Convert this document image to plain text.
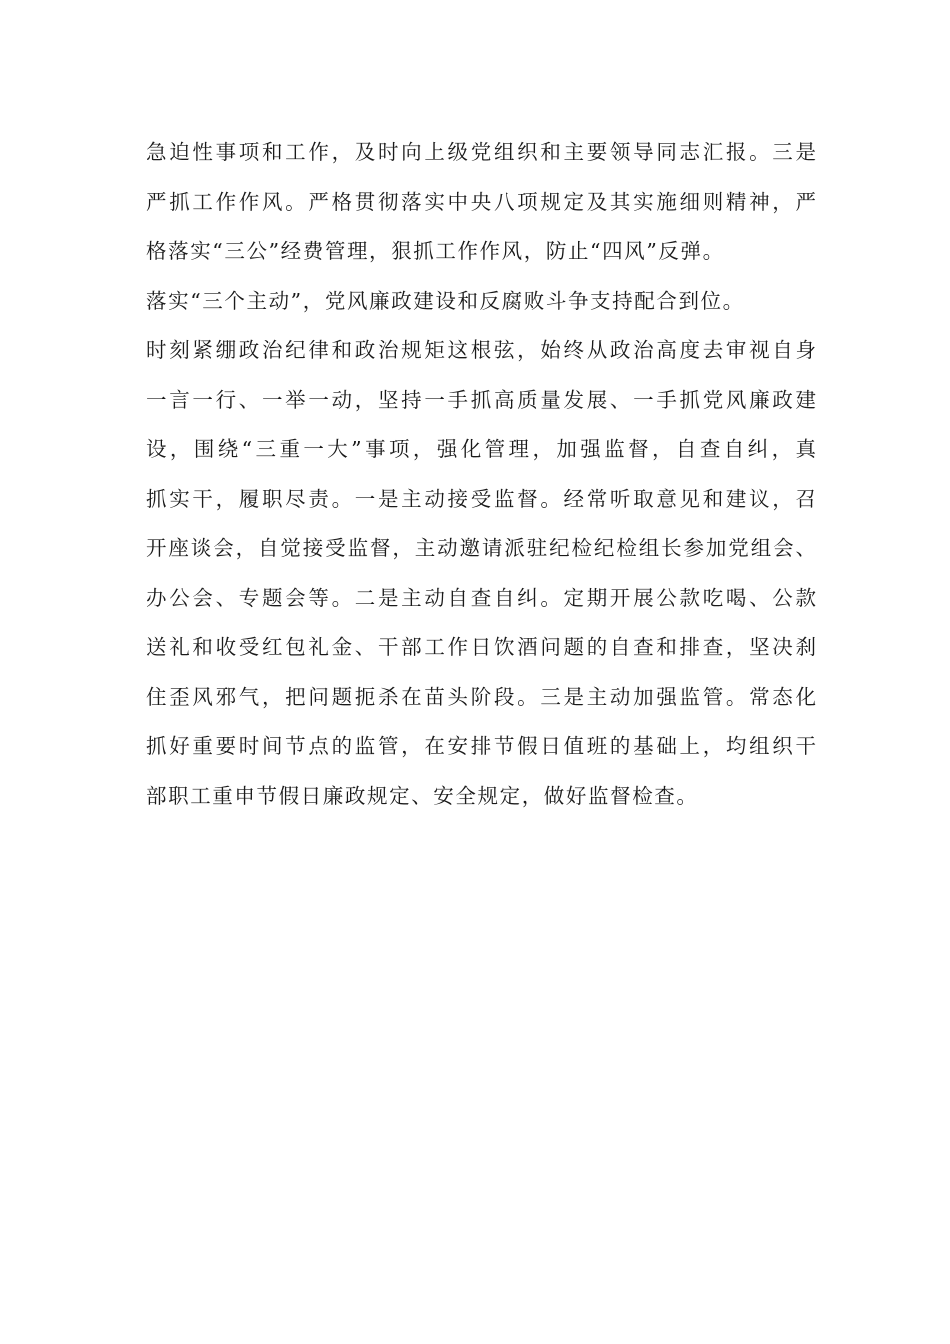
急迫性事项和工作，及时向上级党组织和主要领导同志汇报。三是
严抓工作作风。严格贯彻落实中央八项规定及其实施细则精神，严
格落实“三公”经费管理，狠抓工作作风，防止“四风”反弹。
落实“三个主动”，党风廉政建设和反腐败斗争支持配合到位。
时刻紧绷政治纪律和政治规矩这根弦，始终从政治高度去审视自身
一言一行、一举一动，坚持一手抓高质量发展、一手抓党风廉政建
设，围绕“三重一大”事项，强化管理，加强监督，自查自纠，真
抓实干，履职尽责。一是主动接受监督。经常听取意见和建议，召
开座谈会，自觉接受监督，主动邀请派驻纪检纪检组长参加党组会、
办公会、专题会等。二是主动自查自纠。定期开展公款吃喝、公款
送礼和收受红包礼金、干部工作日饮酒问题的自查和排查，坚决刹
住歪风邪气，把问题扼杀在苗头阶段。三是主动加强监管。常态化
抓好重要时间节点的监管，在安排节假日值班的基础上，均组织干
部职工重申节假日廉政规定、安全规定，做好监督检查。
